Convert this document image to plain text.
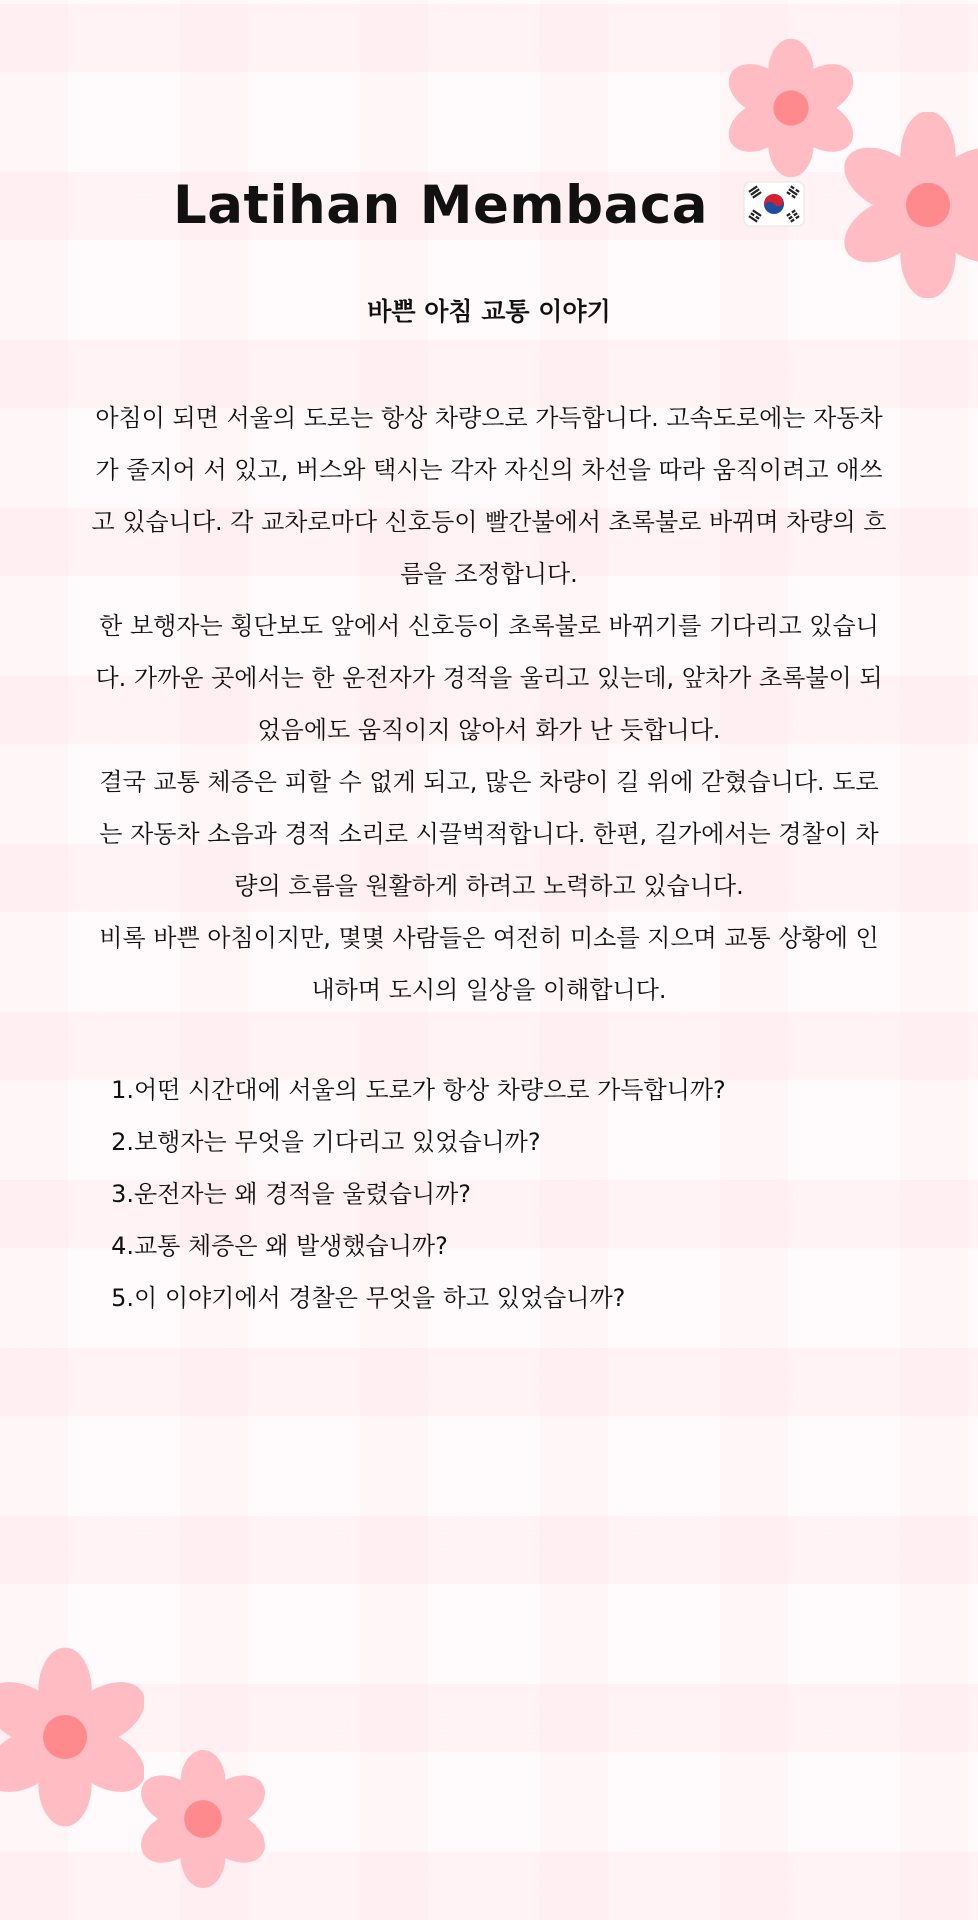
Latihan Membaca
바쁜 아침 교통 이야기

아침이 되면 서울의 도로는 항상 차량으로 가득합니다. 고속도로에는 자동차가 줄지어 서 있고, 버스와 택시는 각자 자신의 차선을 따라 움직이려고 애쓰고 있습니다. 각 교차로마다 신호등이 빨간불에서 초록불로 바뀌며 차량의 흐름을 조정합니다.

한 보행자는 횡단보도 앞에서 신호등이 초록불로 바뀌기를 기다리고 있습니다. 가까운 곳에서는 한 운전자가 경적을 울리고 있는데, 앞차가 초록불이 되었음에도 움직이지 않아서 화가 난 듯합니다.

결국 교통 체증은 피할 수 없게 되고, 많은 차량이 길 위에 갇혔습니다. 도로는 자동차 소음과 경적 소리로 시끌벅적합니다. 한편, 길가에서는 경찰이 차량의 흐름을 원활하게 하려고 노력하고 있습니다.

비록 바쁜 아침이지만, 몇몇 사람들은 여전히 미소를 지으며 교통 상황에 인내하며 도시의 일상을 이해합니다.

1. 어떤 시간대에 서울의 도로가 항상 차량으로 가득합니까?
2. 보행자는 무엇을 기다리고 있었습니까?
3. 운전자는 왜 경적을 울렸습니까?
4. 교통 체증은 왜 발생했습니까?
5. 이 이야기에서 경찰은 무엇을 하고 있었습니까?
